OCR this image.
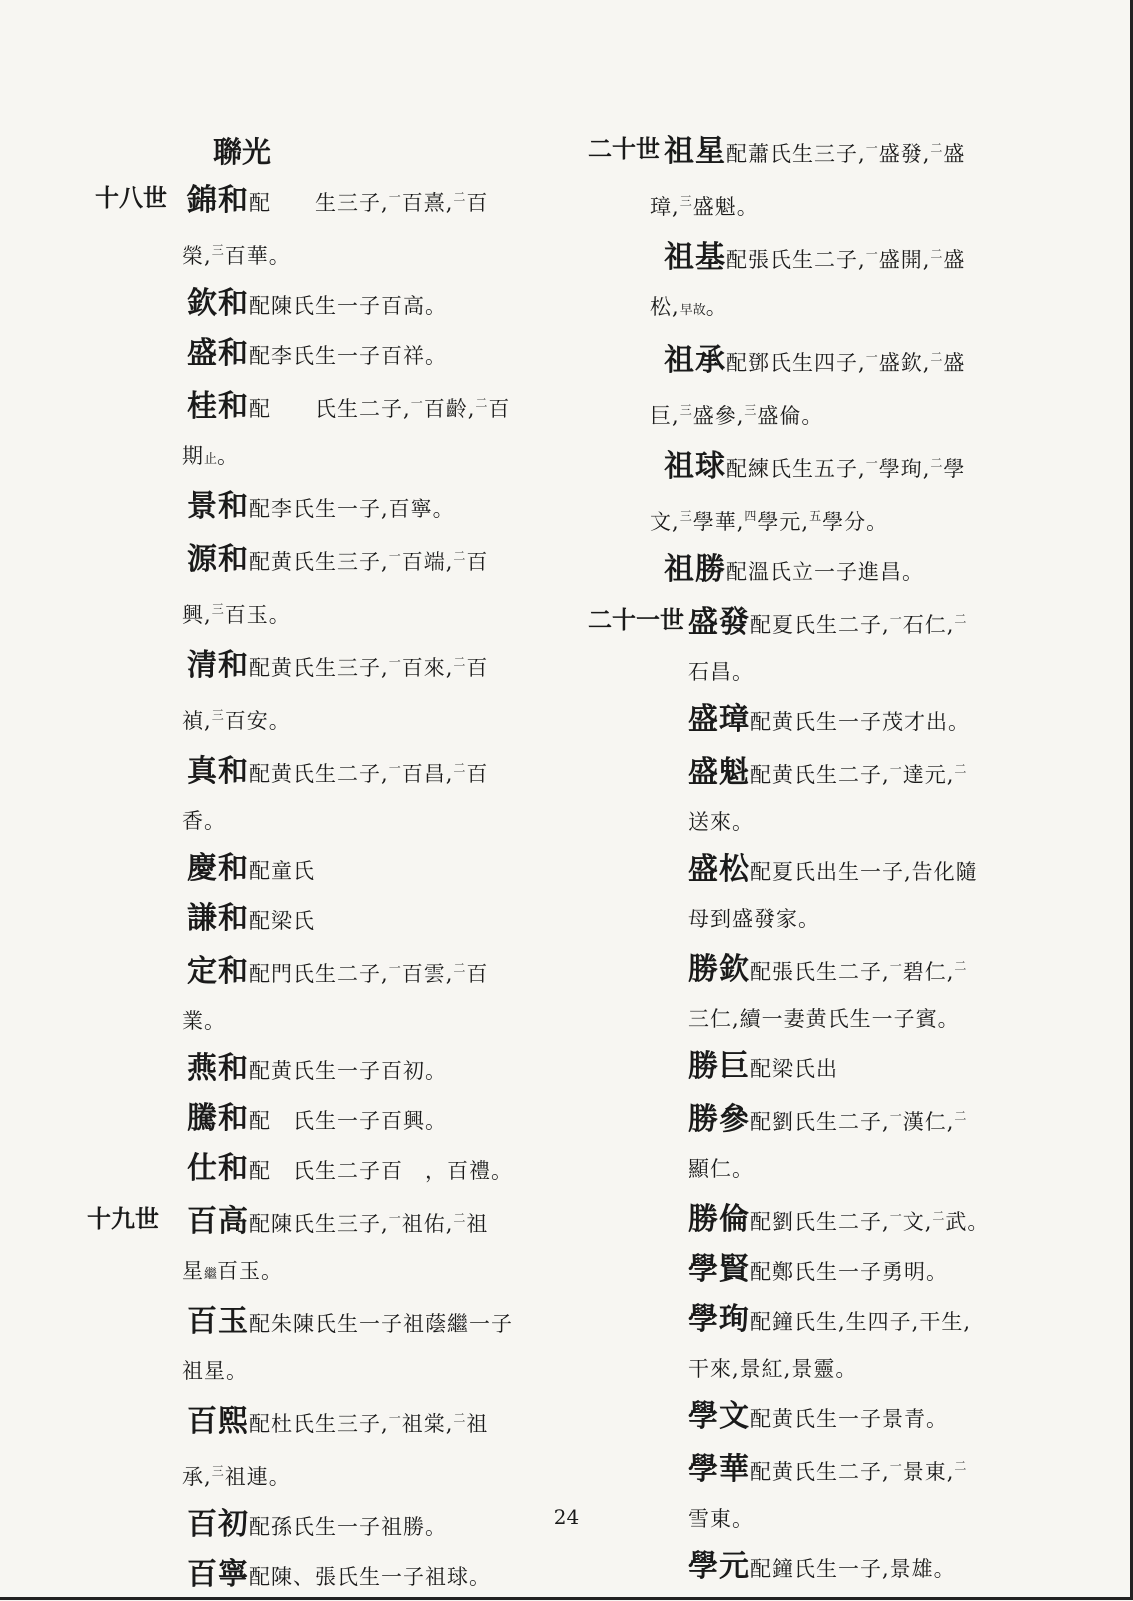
聯光
十八世 錦和配　　生三子,$^一$百熹,$^二$百
榮,$^三$百華。
欽和配陳氏生一子百高。
盛和配李氏生一子百祥。
桂和配　　氏生二子,$^一$百齡,$^二$百
期止。
景和配李氏生一子,百寧。
源和配黄氏生三子,$^一$百端,$^二$百
興,$^三$百玉。
清和配黄氏生三子,$^一$百來,$^二$百
禎,$^三$百安。
真和配黄氏生二子,$^一$百昌,$^二$百
香。
慶和配童氏
謙和配梁氏
定和配門氏生二子,$^一$百雲,$^二$百
業。
燕和配黄氏生一子百初。
騰和配　氏生一子百興。
仕和配　氏生二子百　，百禮。
十九世 百高配陳氏生三子,$^一$祖佑,$^二$祖
星繼百玉。
百玉配朱陳氏生一子祖蔭繼一子
祖星。
百熙配杜氏生三子,$^一$祖棠,$^二$祖
承,$^三$祖連。
百初配孫氏生一子祖勝。
百寧配陳、張氏生一子祖球。
二十世 祖星配蕭氏生三子,$^一$盛發,$^二$盛
璋,$^三$盛魁。
祖基配張氏生二子,$^一$盛開,$^二$盛
松,早故。
祖承配鄧氏生四子,$^一$盛欽,$^二$盛
巨,$^三$盛參,$^三$盛倫。
祖球配練氏生五子,$^一$學珣,$^二$學
文,$^三$學華,$^四$學元,$^五$學分。
祖勝配溫氏立一子進昌。
二十一世 盛發配夏氏生二子,$^一$石仁,$^二$
石昌。
盛璋配黄氏生一子茂才出。
盛魁配黄氏生二子,$^一$達元,$^二$
送來。
盛松配夏氏出生一子,告化隨
母到盛發家。
勝欽配張氏生二子,$^一$碧仁,$^二$
三仁,續一妻黄氏生一子賓。
勝巨配梁氏出
勝參配劉氏生二子,$^一$漢仁,$^二$
顯仁。
勝倫配劉氏生二子,$^一$文,$^二$武。
學賢配鄭氏生一子勇明。
學珣配鐘氏生,生四子,干生,
干來,景紅,景靈。
學文配黄氏生一子景青。
學華配黄氏生二子,$^一$景東,$^二$
雪東。
學元配鐘氏生一子,景雄。
24
